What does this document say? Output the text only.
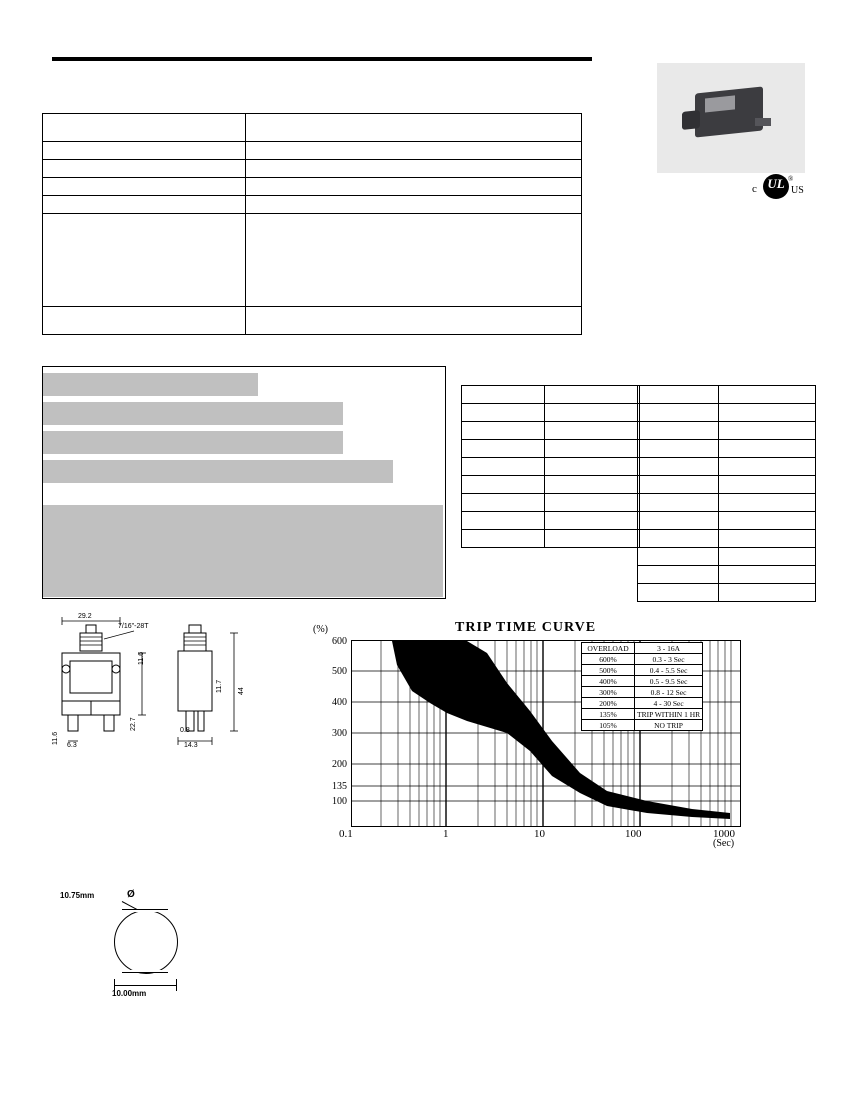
c UL ®
US

29.2
7/16"-28T
11.6
11.7
22.7
11.6
44
6.3
0.8
14.3
TRIP TIME CURVE
(%)
(Sec)
600
500
400
300
200
135
100
0.1	1	10	100	1000
OVERLOAD	3 - 16A
600%	0.3 - 3 Sec
500%	0.4 - 5.5 Sec
400%	0.5 - 9.5 Sec
300%	0.8 - 12 Sec
200%	4 - 30 Sec
135%	TRIP WITHIN 1 HR
105%	NO TRIP
10.75mm	Ø
10.00mm
